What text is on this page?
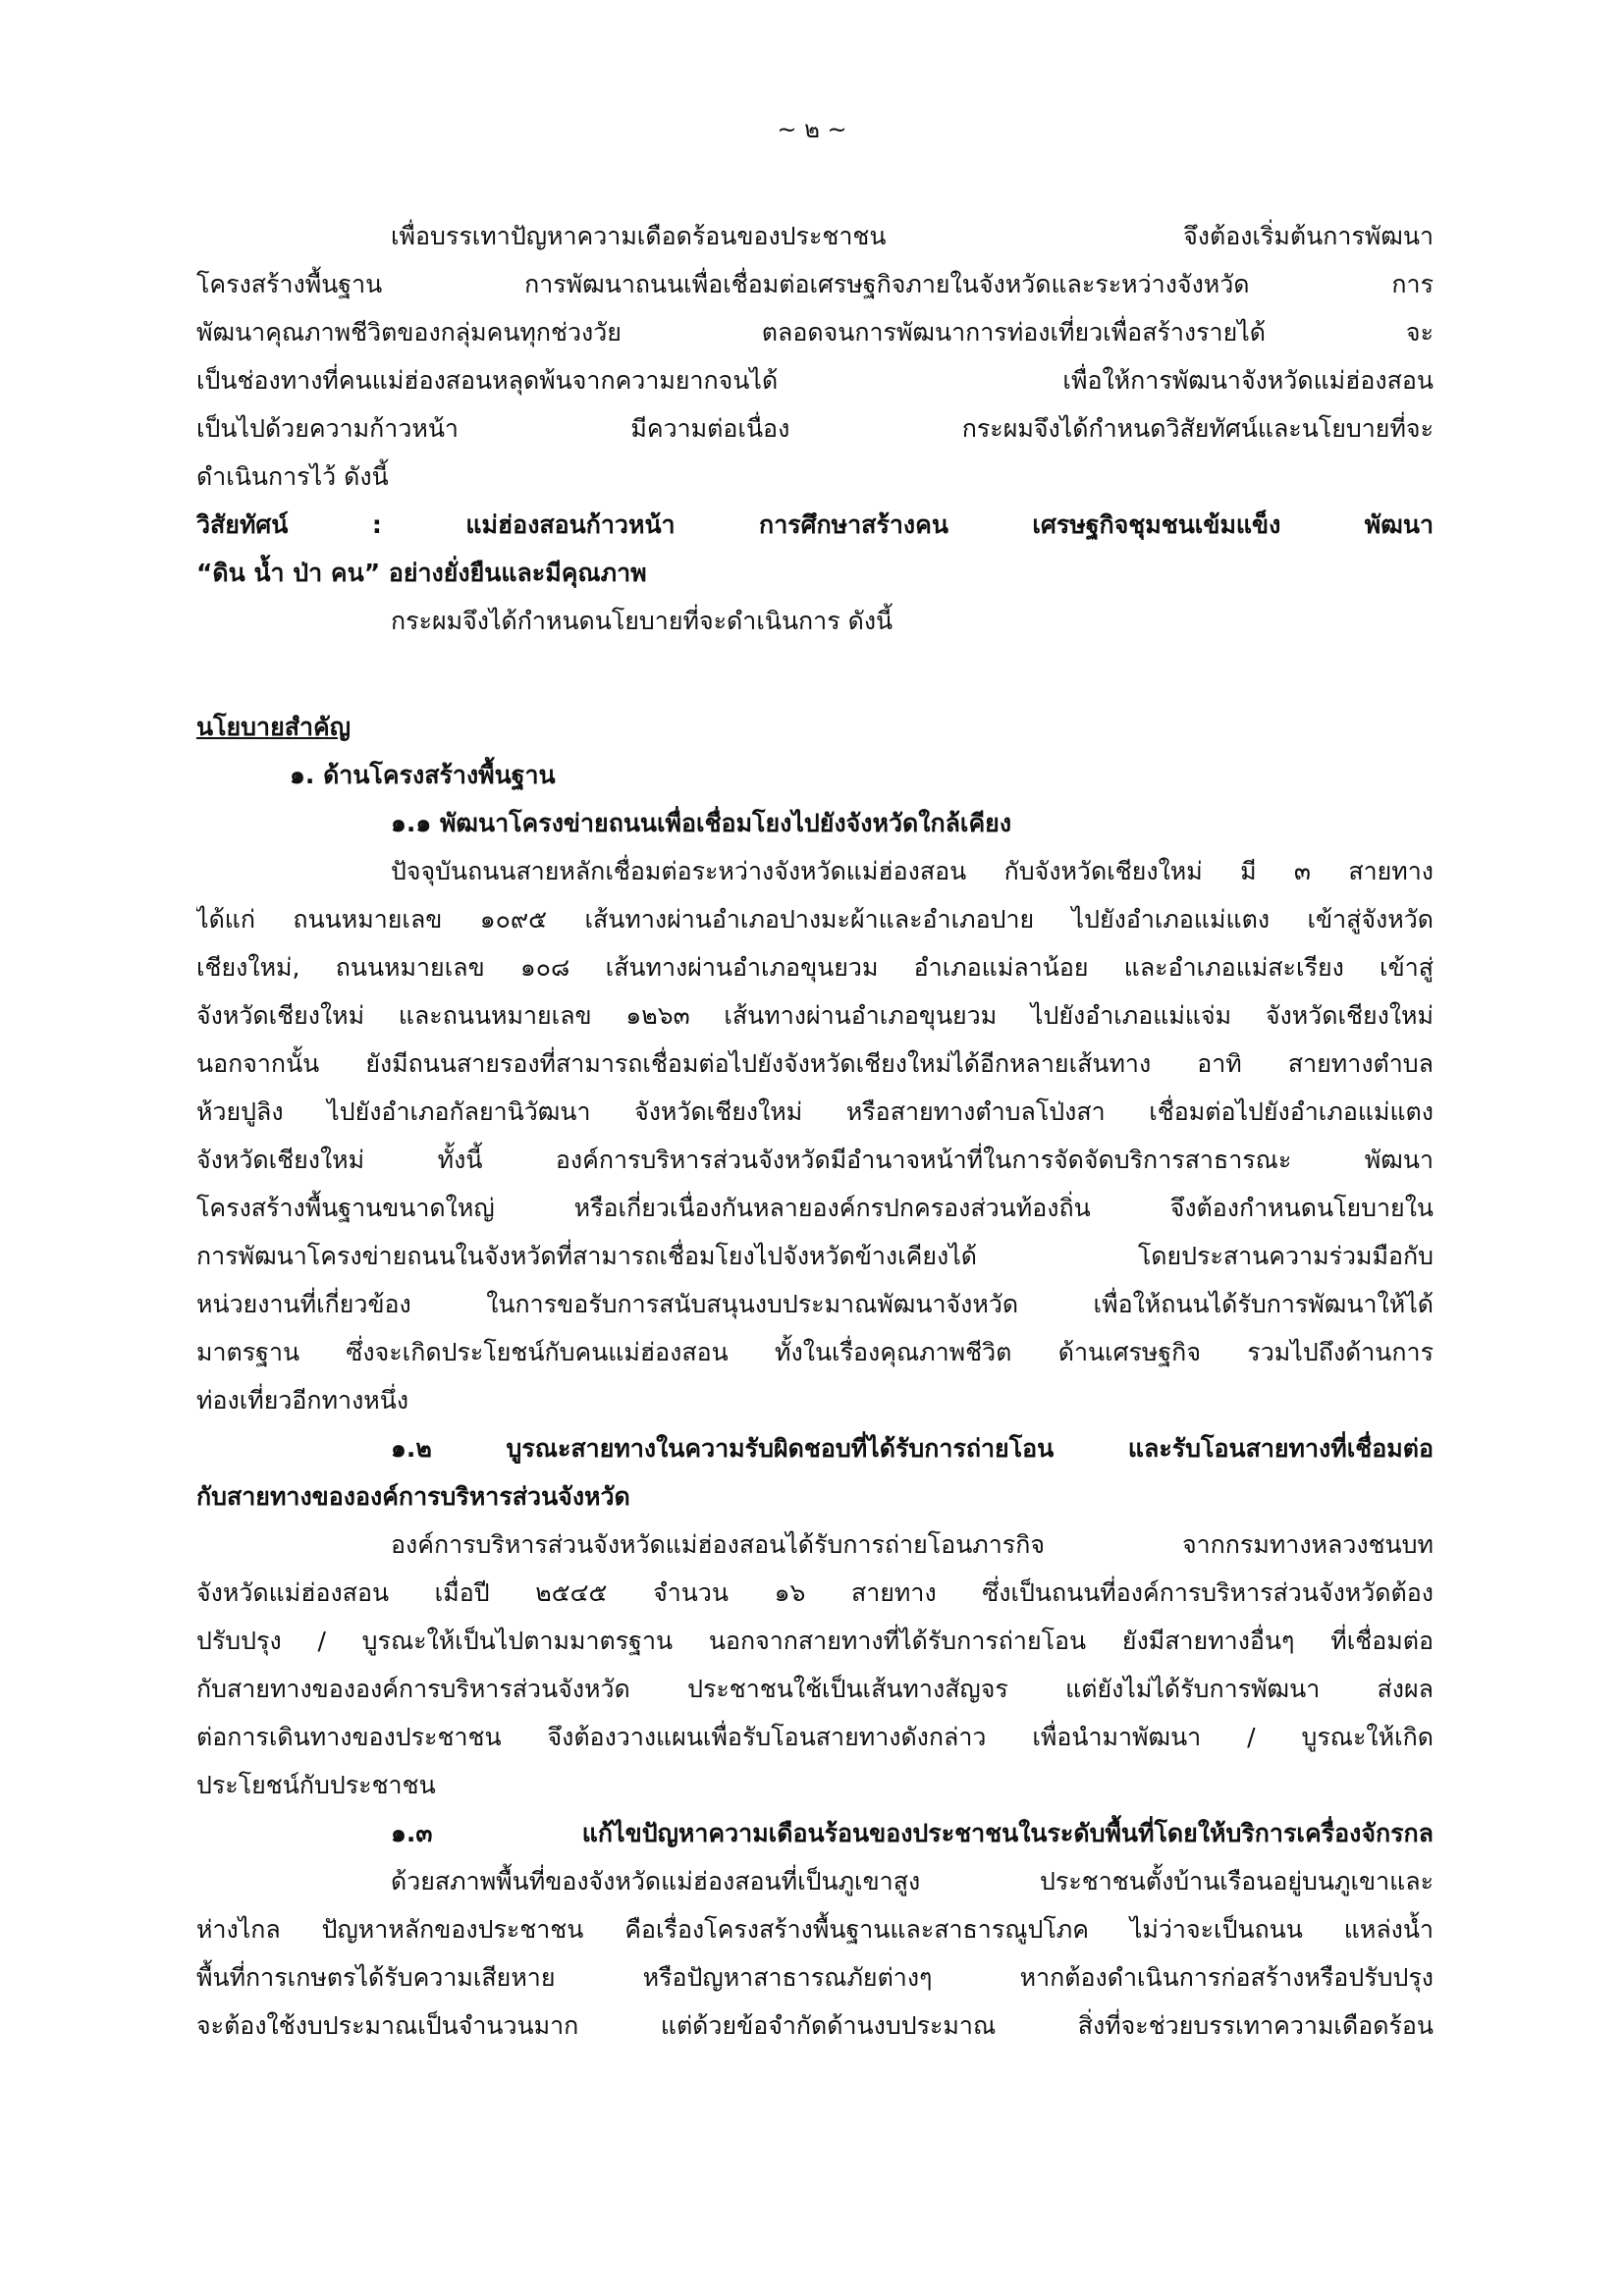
~ ๒ ~
เพื่อบรรเทาปัญหาความเดือดร้อนของประชาชน จึงต้องเริ่มต้นการพัฒนา
โครงสร้างพื้นฐาน การพัฒนาถนนเพื่อเชื่อมต่อเศรษฐกิจภายในจังหวัดและระหว่างจังหวัด การ
พัฒนาคุณภาพชีวิตของกลุ่มคนทุกช่วงวัย ตลอดจนการพัฒนาการท่องเที่ยวเพื่อสร้างรายได้ จะ
เป็นช่องทางที่คนแม่ฮ่องสอนหลุดพ้นจากความยากจนได้ เพื่อให้การพัฒนาจังหวัดแม่ฮ่องสอน
เป็นไปด้วยความก้าวหน้า มีความต่อเนื่อง กระผมจึงได้กำหนดวิสัยทัศน์และนโยบายที่จะ
ดำเนินการไว้ ดังนี้
วิสัยทัศน์ : แม่ฮ่องสอนก้าวหน้า การศึกษาสร้างคน เศรษฐกิจชุมชนเข้มแข็ง พัฒนา
“ดิน น้ำ ป่า คน” อย่างยั่งยืนและมีคุณภาพ
กระผมจึงได้กำหนดนโยบายที่จะดำเนินการ ดังนี้
นโยบายสำคัญ
๑. ด้านโครงสร้างพื้นฐาน
๑.๑ พัฒนาโครงข่ายถนนเพื่อเชื่อมโยงไปยังจังหวัดใกล้เคียง
ปัจจุบันถนนสายหลักเชื่อมต่อระหว่างจังหวัดแม่ฮ่องสอน กับจังหวัดเชียงใหม่ มี ๓ สายทาง
ได้แก่ ถนนหมายเลข ๑๐๙๕ เส้นทางผ่านอำเภอปางมะผ้าและอำเภอปาย ไปยังอำเภอแม่แตง เข้าสู่จังหวัด
เชียงใหม่, ถนนหมายเลข ๑๐๘ เส้นทางผ่านอำเภอขุนยวม อำเภอแม่ลาน้อย และอำเภอแม่สะเรียง เข้าสู่
จังหวัดเชียงใหม่ และถนนหมายเลข ๑๒๖๓ เส้นทางผ่านอำเภอขุนยวม ไปยังอำเภอแม่แจ่ม จังหวัดเชียงใหม่
นอกจากนั้น ยังมีถนนสายรองที่สามารถเชื่อมต่อไปยังจังหวัดเชียงใหม่ได้อีกหลายเส้นทาง อาทิ สายทางตำบล
ห้วยปูลิง ไปยังอำเภอกัลยานิวัฒนา จังหวัดเชียงใหม่ หรือสายทางตำบลโป่งสา เชื่อมต่อไปยังอำเภอแม่แตง
จังหวัดเชียงใหม่ ทั้งนี้ องค์การบริหารส่วนจังหวัดมีอำนาจหน้าที่ในการจัดจัดบริการสาธารณะ พัฒนา
โครงสร้างพื้นฐานขนาดใหญ่ หรือเกี่ยวเนื่องกันหลายองค์กรปกครองส่วนท้องถิ่น จึงต้องกำหนดนโยบายใน
การพัฒนาโครงข่ายถนนในจังหวัดที่สามารถเชื่อมโยงไปจังหวัดข้างเคียงได้ โดยประสานความร่วมมือกับ
หน่วยงานที่เกี่ยวข้อง ในการขอรับการสนับสนุนงบประมาณพัฒนาจังหวัด เพื่อให้ถนนได้รับการพัฒนาให้ได้
มาตรฐาน ซึ่งจะเกิดประโยชน์กับคนแม่ฮ่องสอน ทั้งในเรื่องคุณภาพชีวิต ด้านเศรษฐกิจ รวมไปถึงด้านการ
ท่องเที่ยวอีกทางหนึ่ง
๑.๒ บูรณะสายทางในความรับผิดชอบที่ได้รับการถ่ายโอน และรับโอนสายทางที่เชื่อมต่อ
กับสายทางขององค์การบริหารส่วนจังหวัด
องค์การบริหารส่วนจังหวัดแม่ฮ่องสอนได้รับการถ่ายโอนภารกิจ จากกรมทางหลวงชนบท
จังหวัดแม่ฮ่องสอน เมื่อปี ๒๕๔๕ จำนวน ๑๖ สายทาง ซึ่งเป็นถนนที่องค์การบริหารส่วนจังหวัดต้อง
ปรับปรุง / บูรณะให้เป็นไปตามมาตรฐาน นอกจากสายทางที่ได้รับการถ่ายโอน ยังมีสายทางอื่นๆ ที่เชื่อมต่อ
กับสายทางขององค์การบริหารส่วนจังหวัด ประชาชนใช้เป็นเส้นทางสัญจร แต่ยังไม่ได้รับการพัฒนา ส่งผล
ต่อการเดินทางของประชาชน จึงต้องวางแผนเพื่อรับโอนสายทางดังกล่าว เพื่อนำมาพัฒนา / บูรณะให้เกิด
ประโยชน์กับประชาชน
๑.๓ แก้ไขปัญหาความเดือนร้อนของประชาชนในระดับพื้นที่โดยให้บริการเครื่องจักรกล
ด้วยสภาพพื้นที่ของจังหวัดแม่ฮ่องสอนที่เป็นภูเขาสูง ประชาชนตั้งบ้านเรือนอยู่บนภูเขาและ
ห่างไกล ปัญหาหลักของประชาชน คือเรื่องโครงสร้างพื้นฐานและสาธารณูปโภค ไม่ว่าจะเป็นถนน แหล่งน้ำ
พื้นที่การเกษตรได้รับความเสียหาย หรือปัญหาสาธารณภัยต่างๆ หากต้องดำเนินการก่อสร้างหรือปรับปรุง
จะต้องใช้งบประมาณเป็นจำนวนมาก แต่ด้วยข้อจำกัดด้านงบประมาณ สิ่งที่จะช่วยบรรเทาความเดือดร้อน
